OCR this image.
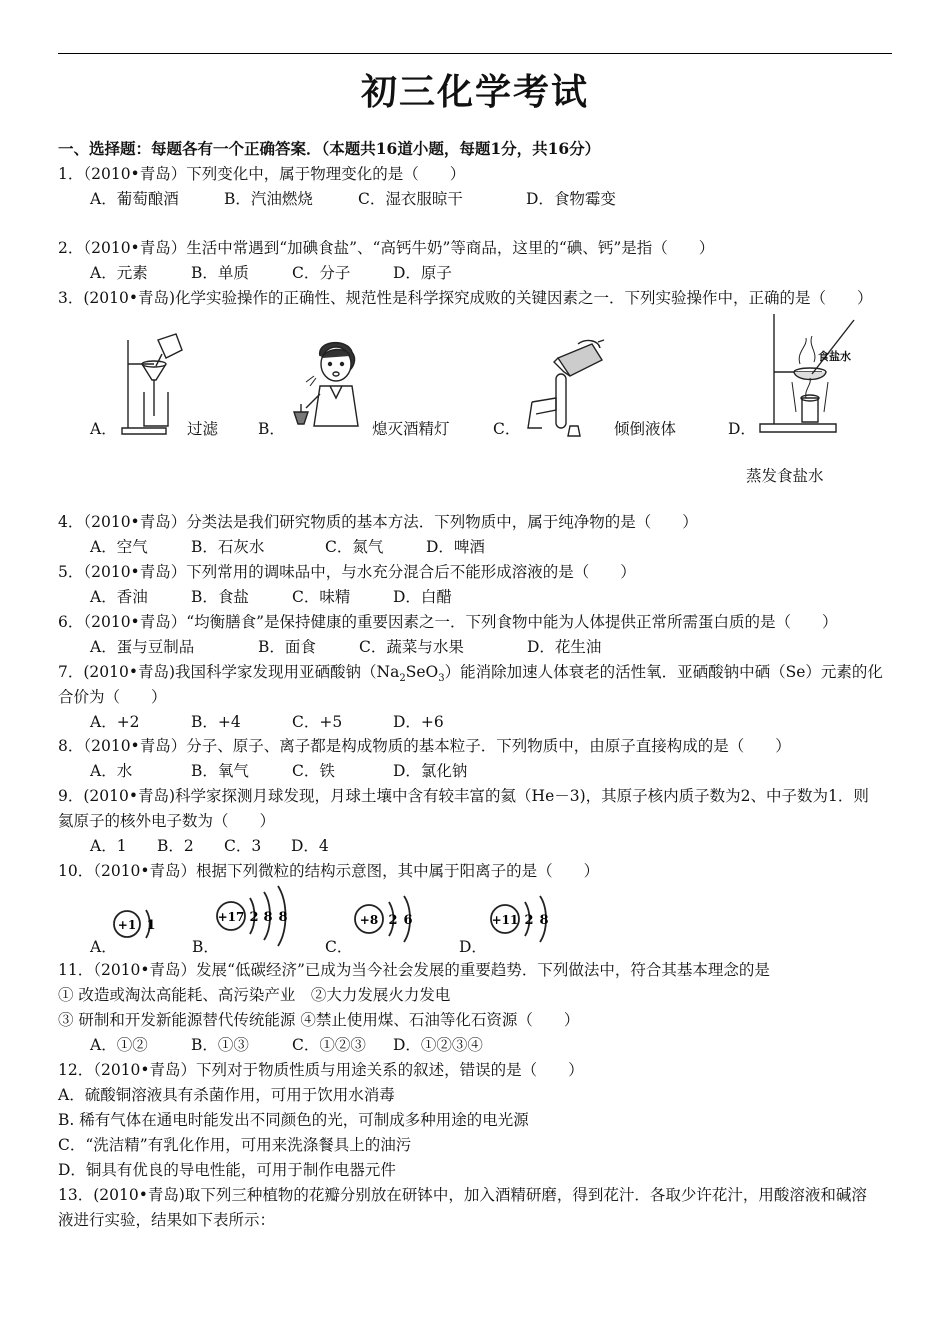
初三化学考试
一、选择题：每题各有一个正确答案．（本题共16道小题，每题1分，共16分）
1．（2010•青岛）下列变化中，属于物理变化的是（　　）
A．葡萄酿酒	B．汽油燃烧	C．湿衣服晾干	D．食物霉变
2．（2010•青岛）生活中常遇到“加碘食盐”、“高钙牛奶”等商品，这里的“碘、钙”是指（　　）
A．元素	B．单质	C．分子	D．原子
3．(2010•青岛)化学实验操作的正确性、规范性是科学探究成败的关键因素之一．下列实验操作中，正确的是（　　）
A．	过滤	B．	熄灭酒精灯	C．	倾倒液体
食盐水
D．
蒸发食盐水
4．（2010•青岛）分类法是我们研究物质的基本方法．下列物质中，属于纯净物的是（　　）
A．空气	B．石灰水	C．氮气	D．啤酒
5．（2010•青岛）下列常用的调味品中，与水充分混合后不能形成溶液的是（　　）
A．香油	B．食盐	C．味精	D．白醋
6．（2010•青岛）“均衡膳食”是保持健康的重要因素之一．下列食物中能为人体提供正常所需蛋白质的是（　　）
A．蛋与豆制品	B．面食	C．蔬菜与水果	D．花生油
7．(2010•青岛)我国科学家发现用亚硒酸钠$(Na_2SeO_3)$能消除加速人体衰老的活性氧．亚硒酸钠中硒（Se）元素的化
合价为（　　）
A．+2	B．+4	C．+5	D．+6
8．（2010•青岛）分子、原子、离子都是构成物质的基本粒子．下列物质中，由原子直接构成的是（　　）
A．水	B．氧气	C．铁	D．氯化钠
9．(2010•青岛)科学家探测月球发现，月球土壤中含有较丰富的氦（He－3)，其原子核内质子数为2、中子数为1．则
氦原子的核外电子数为（　　）
A．1 B．2 C．3 D．4
10．（2010•青岛）根据下列微粒的结构示意图，其中属于阳离子的是（　　）
A．
+1 1
B．
+17 2 8 8
C．
+8 2 6
D．
+11 2 8
11．（2010•青岛）发展“低碳经济”已成为当今社会发展的重要趋势．下列做法中，符合其基本理念的是
① 改造或淘汰高能耗、高污染产业　②大力发展火力发电
③ 研制和开发新能源替代传统能源 ④禁止使用煤、石油等化石资源（　　）
A．①②	B．①③	C．①②③ D．①②③④
12．（2010•青岛）下列对于物质性质与用途关系的叙述，错误的是（　　）
A．硫酸铜溶液具有杀菌作用，可用于饮用水消毒
B. 稀有气体在通电时能发出不同颜色的光，可制成多种用途的电光源
C．“洗洁精”有乳化作用，可用来洗涤餐具上的油污
D．铜具有优良的导电性能，可用于制作电器元件
13．(2010•青岛)取下列三种植物的花瓣分别放在研钵中，加入酒精研磨，得到花汁．各取少许花汁，用酸溶液和碱溶
液进行实验，结果如下表所示：
